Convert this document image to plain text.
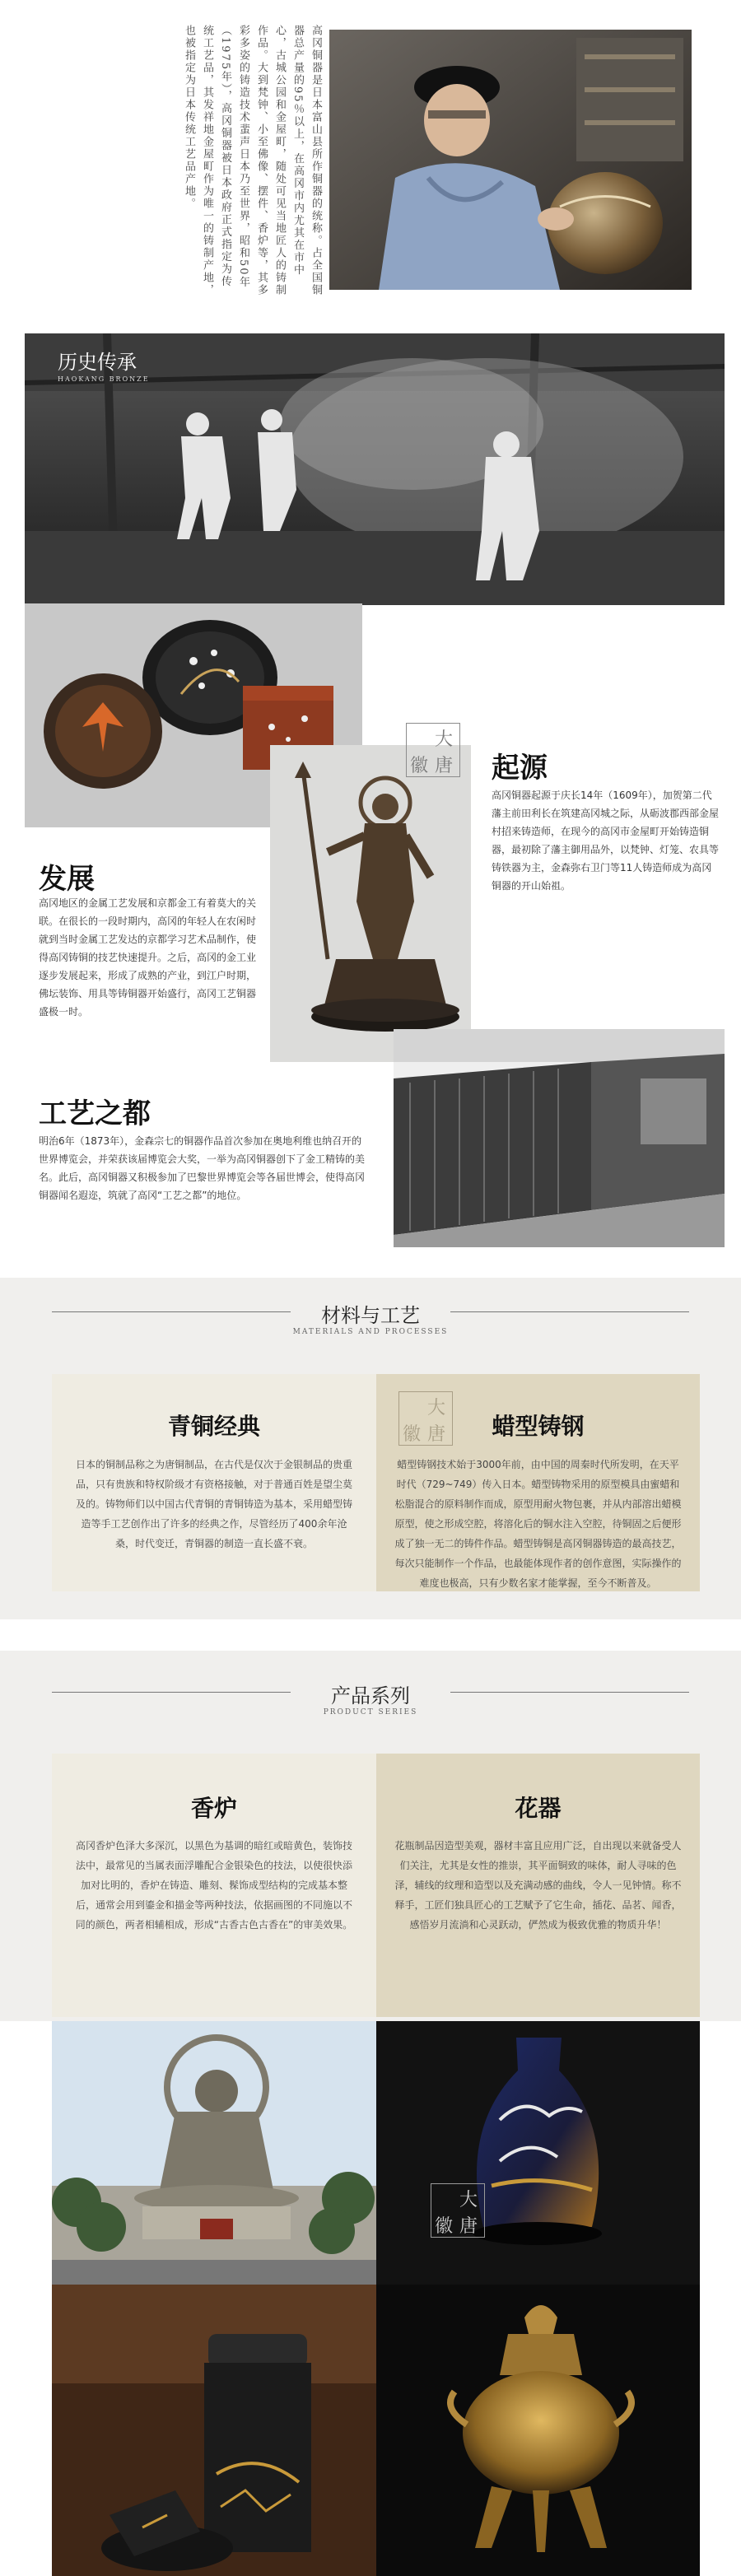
高冈铜器是日本富山县所作铜器的统称。占全国铜器总产量的95％以上，在高冈市内尤其在市中心，古城公园和金屋町，随处可见当地匠人的铸制作品。大到梵钟、小至佛像、摆件、香炉等，其多彩多姿的铸造技术蜚声日本乃至世界，昭和50年（1975年），高冈铜器被日本政府正式指定为传统工艺品，其发祥地金屋町作为唯一的铸制产地，也被指定为日本传统工艺品产地。
历史传承
HAOKANG BRONZE
徽
大
唐 起源
高冈铜器起源于庆长14年（1609年），加贺第二代藩主前田利长在筑建高冈城之际，从砺波郡西部金屋村招来铸造师，在现今的高冈市金屋町开始铸造铜器，最初除了藩主御用品外，以梵钟、灯笼、农具等铸铁器为主，金森弥右卫门等11人铸造师成为高冈铜器的开山始祖。
发展
高冈地区的金属工艺发展和京都金工有着莫大的关联。在很长的一段时期内，高冈的年轻人在农闲时就到当时金属工艺发达的京都学习艺术品制作，使得高冈铸铜的技艺快速提升。之后，高冈的金工业逐步发展起来，形成了成熟的产业，到江户时期，佛坛装饰、用具等铸铜器开始盛行，高冈工艺铜器盛极一时。
工艺之都
明治6年（1873年），金森宗七的铜器作品首次参加在奥地利维也纳召开的世界博览会，并荣获该届博览会大奖，一举为高冈铜器创下了金工精铸的美名。此后，高冈铜器又积极参加了巴黎世界博览会等各届世博会，使得高冈铜器闻名遐迩，筑就了高冈“工艺之都”的地位。
材料与工艺
MATERIALS AND PROCESSES
青铜经典
日本的铜制品称之为唐铜制品，在古代是仅次于金银制品的贵重品，只有贵族和特权阶级才有资格接触，对于普通百姓是望尘莫及的。铸物师们以中国古代青铜的青铜铸造为基本，采用蜡型铸造等手工艺创作出了许多的经典之作，尽管经历了400余年沧桑，时代变迁，青铜器的制造一直长盛不衰。
蜡型铸钢
蜡型铸钢技术始于3000年前，由中国的周秦时代所发明，在天平时代（729~749）传入日本。蜡型铸物采用的原型模具由蜜蜡和松脂混合的原料制作而成，原型用耐火物包裹，并从内部溶出蜡模原型，使之形成空腔，将溶化后的铜水注入空腔，待铜固之后便形成了独一无二的铸件作品。蜡型铸铜是高冈铜器铸造的最高技艺，每次只能制作一个作品，也最能体现作者的创作意图，实际操作的难度也极高，只有少数名家才能掌握，至今不断普及。
徽
大
唐
产品系列
PRODUCT SERIES
香炉
高冈香炉色泽大多深沉，以黑色为基调的暗红或暗黄色，装饰技法中，最常见的当属表面浮雕配合金银染色的技法，以使很快添加对比明的，香炉在铸造、雕刻、髹饰成型结构的完成基本整后，通常会用到鎏金和描金等两种技法，依据画图的不同施以不同的颜色，两者相辅相成，形成“古香古色古香在”的审美效果。
花器
花瓶制品因造型美观，器材丰富且应用广泛，自出现以来就备受人们关注，尤其是女性的推崇，其平面铜致的味体，耐人寻味的色泽，辅线的纹理和造型以及充满动感的曲线，令人一见钟情。称不释手，工匠们独具匠心的工艺赋予了它生命，插花、品茗、闻香，感悟岁月流淌和心灵跃动，俨然成为极致优雅的物质升华！
徽
大
唐
